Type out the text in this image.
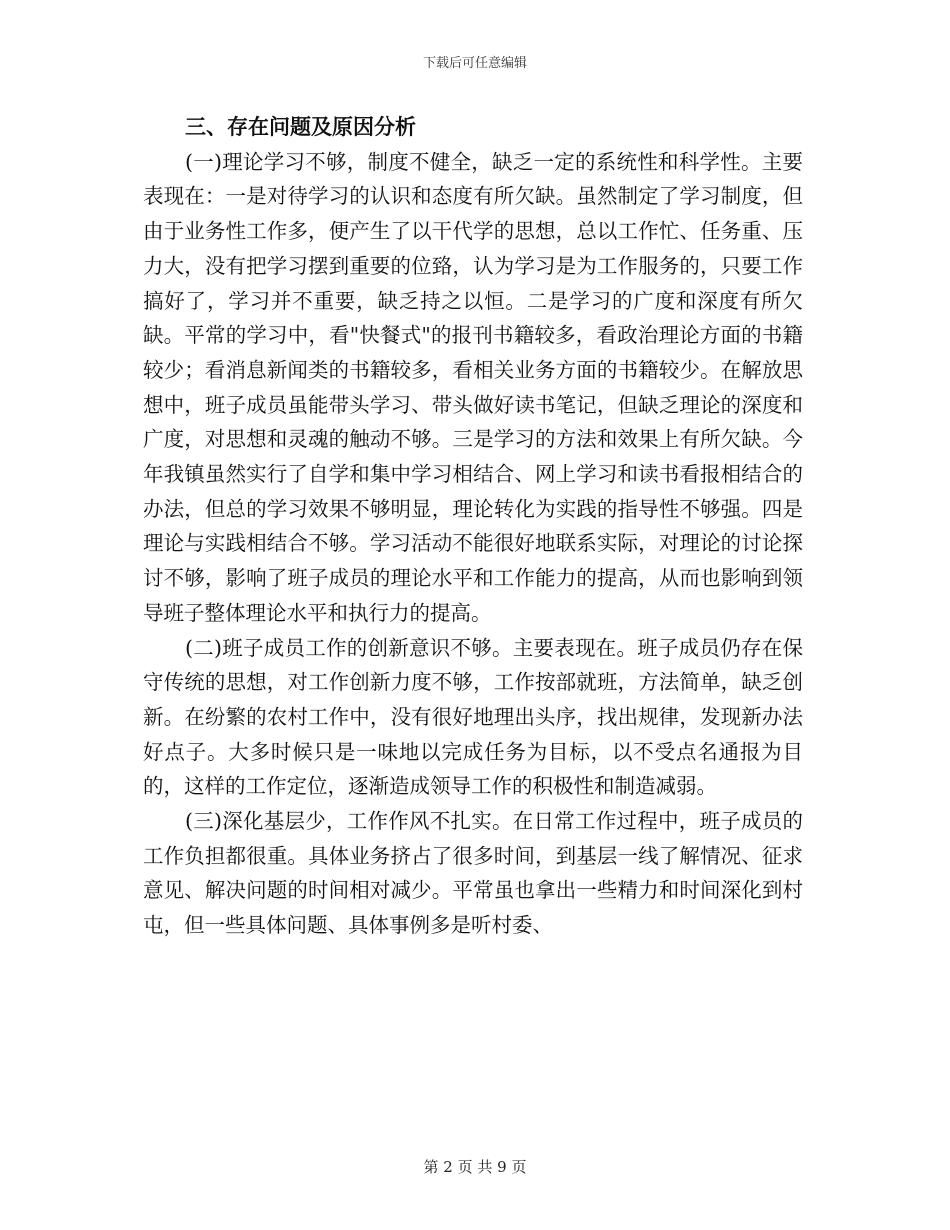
下载后可任意编辑
三、存在问题及原因分析

(一)理论学习不够，制度不健全，缺乏一定的系统性和科学性。主要表现在：一是对待学习的认识和态度有所欠缺。虽然制定了学习制度，但由于业务性工作多，便产生了以干代学的思想，总以工作忙、任务重、压力大，没有把学习摆到重要的位臵，认为学习是为工作服务的，只要工作搞好了，学习并不重要，缺乏持之以恒。二是学习的广度和深度有所欠缺。平常的学习中，看"快餐式"的报刊书籍较多，看政治理论方面的书籍较少；看消息新闻类的书籍较多，看相关业务方面的书籍较少。在解放思想中，班子成员虽能带头学习、带头做好读书笔记，但缺乏理论的深度和广度，对思想和灵魂的触动不够。三是学习的方法和效果上有所欠缺。今年我镇虽然实行了自学和集中学习相结合、网上学习和读书看报相结合的办法，但总的学习效果不够明显，理论转化为实践的指导性不够强。四是理论与实践相结合不够。学习活动不能很好地联系实际，对理论的讨论探讨不够，影响了班子成员的理论水平和工作能力的提高，从而也影响到领导班子整体理论水平和执行力的提高。

(二)班子成员工作的创新意识不够。主要表现在。班子成员仍存在保守传统的思想，对工作创新力度不够，工作按部就班，方法简单，缺乏创新。在纷繁的农村工作中，没有很好地理出头序，找出规律，发现新办法好点子。大多时候只是一味地以完成任务为目标，以不受点名通报为目的，这样的工作定位，逐渐造成领导工作的积极性和制造减弱。

(三)深化基层少，工作作风不扎实。在日常工作过程中，班子成员的工作负担都很重。具体业务挤占了很多时间，到基层一线了解情况、征求意见、解决问题的时间相对减少。平常虽也拿出一些精力和时间深化到村屯，但一些具体问题、具体事例多是听村委、

第 2 页 共 9 页
